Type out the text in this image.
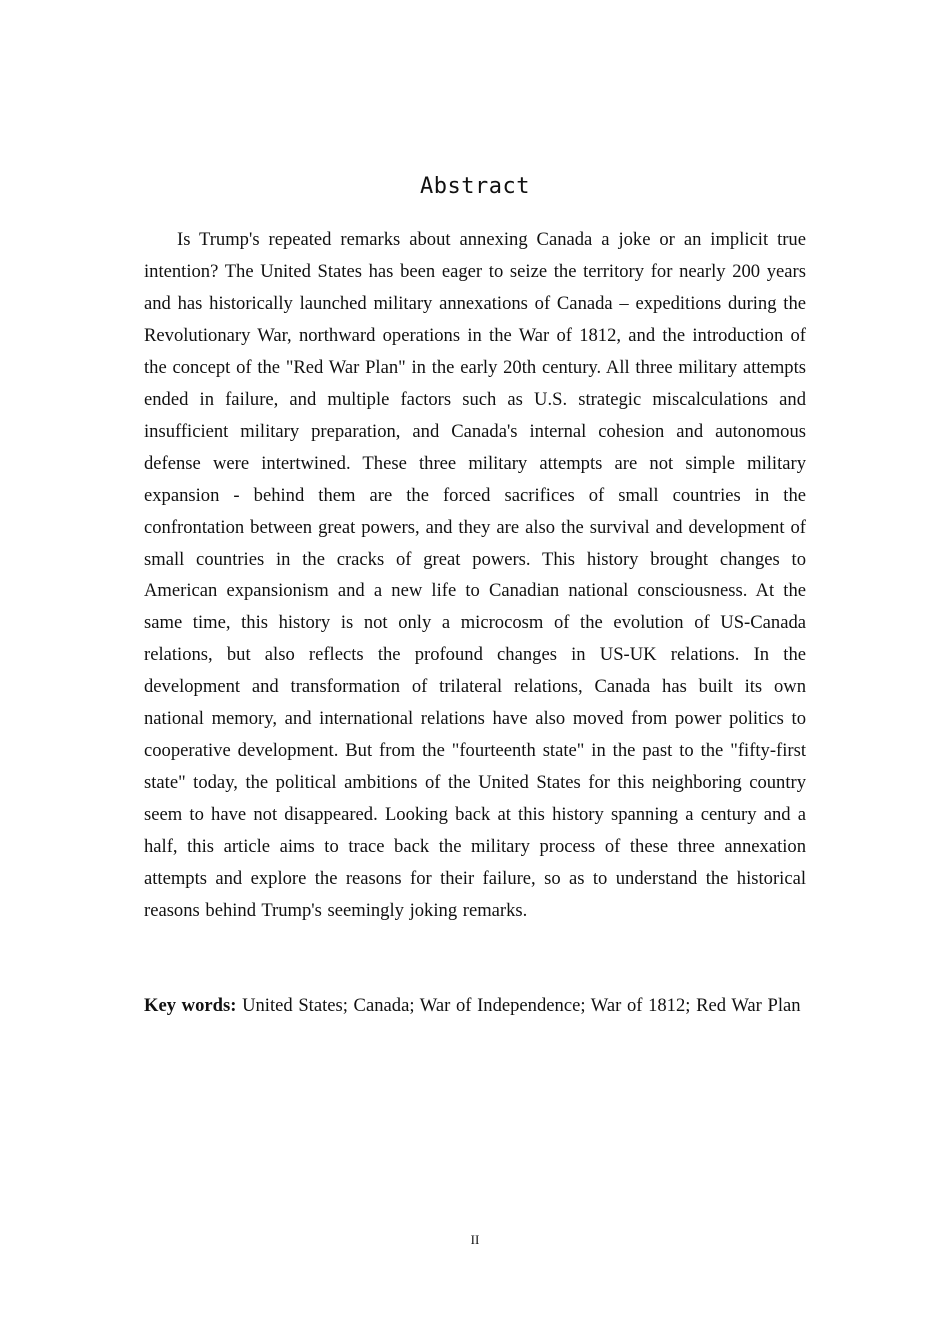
Abstract

Is Trump's repeated remarks about annexing Canada a joke or an implicit true intention? The United States has been eager to seize the territory for nearly 200 years and has historically launched military annexations of Canada – expeditions during the Revolutionary War, northward operations in the War of 1812, and the introduction of the concept of the "Red War Plan" in the early 20th century. All three military attempts ended in failure, and multiple factors such as U.S. strategic miscalculations and insufficient military preparation, and Canada's internal cohesion and autonomous defense were intertwined. These three military attempts are not simple military expansion - behind them are the forced sacrifices of small countries in the confrontation between great powers, and they are also the survival and development of small countries in the cracks of great powers. This history brought changes to American expansionism and a new life to Canadian national consciousness. At the same time, this history is not only a microcosm of the evolution of US-Canada relations, but also reflects the profound changes in US-UK relations. In the development and transformation of trilateral relations, Canada has built its own national memory, and international relations have also moved from power politics to cooperative development. But from the "fourteenth state" in the past to the "fifty-first state" today, the political ambitions of the United States for this neighboring country seem to have not disappeared. Looking back at this history spanning a century and a half, this article aims to trace back the military process of these three annexation attempts and explore the reasons for their failure, so as to understand the historical reasons behind Trump's seemingly joking remarks.

Key words: United States; Canada; War of Independence; War of 1812; Red War Plan

II
